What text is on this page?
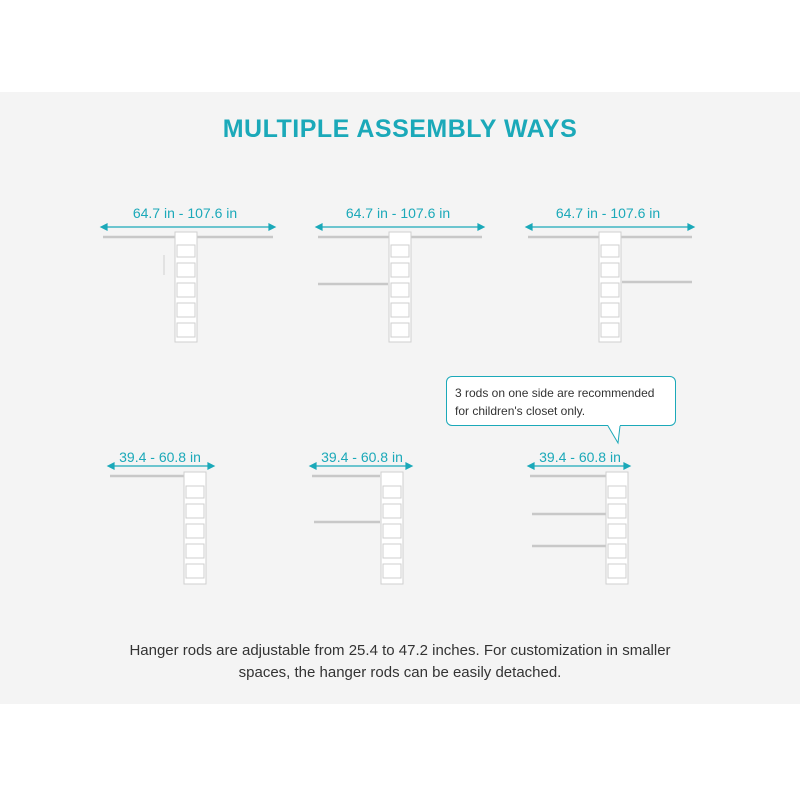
MULTIPLE ASSEMBLY WAYS
64.7 in - 107.6 in	64.7 in - 107.6 in	64.7 in - 107.6 in
39.4 - 60.8 in	39.4 - 60.8 in	39.4 - 60.8 in
3 rods on one side are recommended
for children's closet only.
Hanger rods are adjustable from 25.4 to 47.2 inches. For customization in smaller
spaces, the hanger rods can be easily detached.
